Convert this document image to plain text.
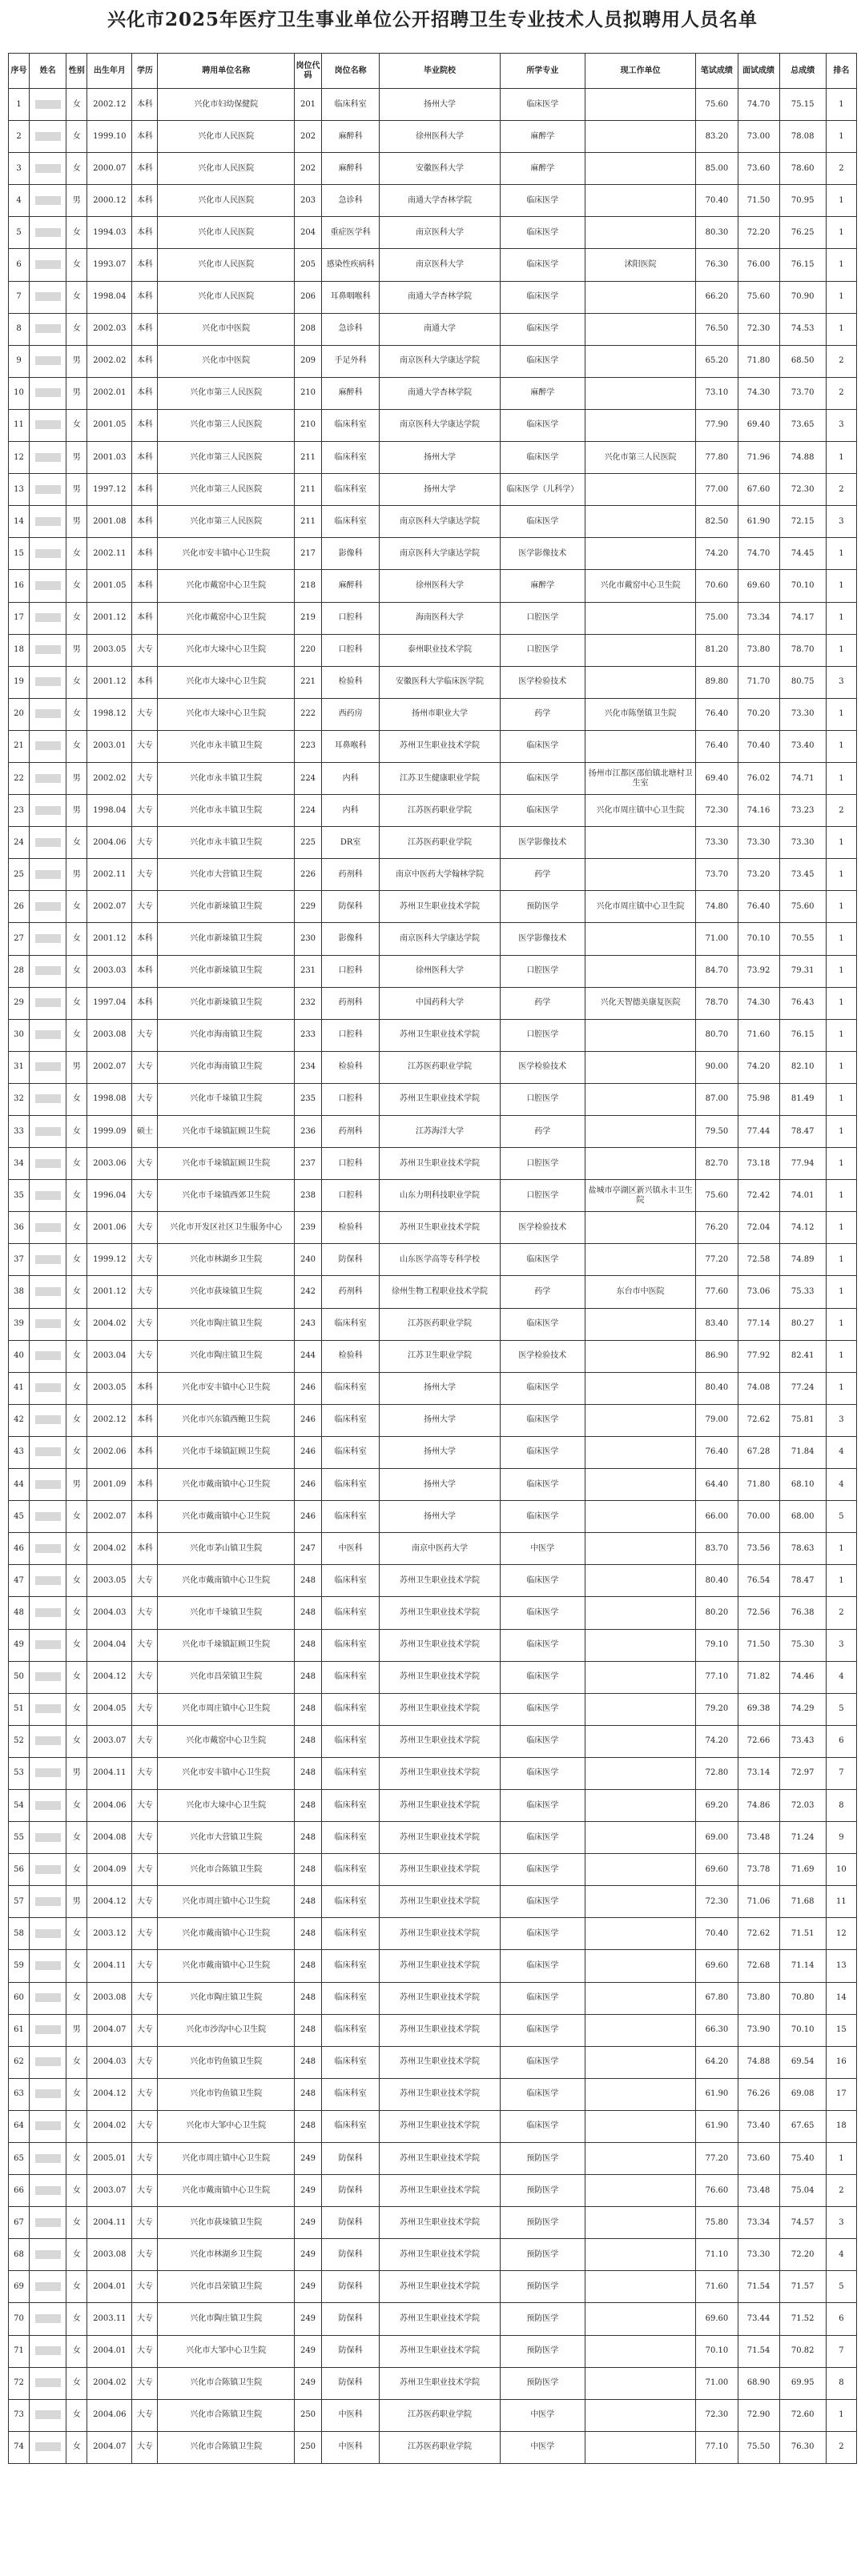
兴化市2025年医疗卫生事业单位公开招聘卫生专业技术人员拟聘用人员名单
序号	姓名	性别	出生年月	学历	聘用单位名称	岗位代码	岗位名称	毕业院校	所学专业	现工作单位	笔试成绩	面试成绩	总成绩	排名
1		女	2002.12	本科	兴化市妇幼保健院	201	临床科室	扬州大学	临床医学		75.60	74.70	75.15	1
2		女	1999.10	本科	兴化市人民医院	202	麻醉科	徐州医科大学	麻醉学		83.20	73.00	78.08	1
3		女	2000.07	本科	兴化市人民医院	202	麻醉科	安徽医科大学	麻醉学		85.00	73.60	78.60	2
4		男	2000.12	本科	兴化市人民医院	203	急诊科	南通大学杏林学院	临床医学		70.40	71.50	70.95	1
5		女	1994.03	本科	兴化市人民医院	204	重症医学科	南京医科大学	临床医学		80.30	72.20	76.25	1
6		女	1993.07	本科	兴化市人民医院	205	感染性疾病科	南京医科大学	临床医学	沭阳医院	76.30	76.00	76.15	1
7		女	1998.04	本科	兴化市人民医院	206	耳鼻咽喉科	南通大学杏林学院	临床医学		66.20	75.60	70.90	1
8		女	2002.03	本科	兴化市中医院	208	急诊科	南通大学	临床医学		76.50	72.30	74.53	1
9		男	2002.02	本科	兴化市中医院	209	手足外科	南京医科大学康达学院	临床医学		65.20	71.80	68.50	2
10		男	2002.01	本科	兴化市第三人民医院	210	麻醉科	南通大学杏林学院	麻醉学		73.10	74.30	73.70	2
11		女	2001.05	本科	兴化市第三人民医院	210	临床科室	南京医科大学康达学院	临床医学		77.90	69.40	73.65	3
12		男	2001.03	本科	兴化市第三人民医院	211	临床科室	扬州大学	临床医学	兴化市第三人民医院	77.80	71.96	74.88	1
13		男	1997.12	本科	兴化市第三人民医院	211	临床科室	扬州大学	临床医学（儿科学）		77.00	67.60	72.30	2
14		男	2001.08	本科	兴化市第三人民医院	211	临床科室	南京医科大学康达学院	临床医学		82.50	61.90	72.15	3
15		女	2002.11	本科	兴化市安丰镇中心卫生院	217	影像科	南京医科大学康达学院	医学影像技术		74.20	74.70	74.45	1
16		女	2001.05	本科	兴化市戴窑中心卫生院	218	麻醉科	徐州医科大学	麻醉学	兴化市戴窑中心卫生院	70.60	69.60	70.10	1
17		女	2001.12	本科	兴化市戴窑中心卫生院	219	口腔科	海南医科大学	口腔医学		75.00	73.34	74.17	1
18		男	2003.05	大专	兴化市大垛中心卫生院	220	口腔科	泰州职业技术学院	口腔医学		81.20	73.80	78.70	1
19		女	2001.12	本科	兴化市大垛中心卫生院	221	检验科	安徽医科大学临床医学院	医学检验技术		89.80	71.70	80.75	3
20		女	1998.12	大专	兴化市大垛中心卫生院	222	西药房	扬州市职业大学	药学	兴化市陈堡镇卫生院	76.40	70.20	73.30	1
21		女	2003.01	大专	兴化市永丰镇卫生院	223	耳鼻喉科	苏州卫生职业技术学院	临床医学		76.40	70.40	73.40	1
22		男	2002.02	大专	兴化市永丰镇卫生院	224	内科	江苏卫生健康职业学院	临床医学	扬州市江都区邵伯镇北塘村卫生室	69.40	76.02	74.71	1
23		男	1998.04	大专	兴化市永丰镇卫生院	224	内科	江苏医药职业学院	临床医学	兴化市周庄镇中心卫生院	72.30	74.16	73.23	2
24		女	2004.06	大专	兴化市永丰镇卫生院	225	DR室	江苏医药职业学院	医学影像技术		73.30	73.30	73.30	1
25		男	2002.11	大专	兴化市大营镇卫生院	226	药剂科	南京中医药大学翰林学院	药学		73.70	73.20	73.45	1
26		女	2002.07	大专	兴化市新垛镇卫生院	229	防保科	苏州卫生职业技术学院	预防医学	兴化市周庄镇中心卫生院	74.80	76.40	75.60	1
27		女	2001.12	本科	兴化市新垛镇卫生院	230	影像科	南京医科大学康达学院	医学影像技术		71.00	70.10	70.55	1
28		女	2003.03	本科	兴化市新垛镇卫生院	231	口腔科	徐州医科大学	口腔医学		84.70	73.92	79.31	1
29		女	1997.04	本科	兴化市新垛镇卫生院	232	药剂科	中国药科大学	药学	兴化天智德美康复医院	78.70	74.30	76.43	1
30		女	2003.08	大专	兴化市海南镇卫生院	233	口腔科	苏州卫生职业技术学院	口腔医学		80.70	71.60	76.15	1
31		男	2002.07	大专	兴化市海南镇卫生院	234	检验科	江苏医药职业学院	医学检验技术		90.00	74.20	82.10	1
32		女	1998.08	大专	兴化市千垛镇卫生院	235	口腔科	苏州卫生职业技术学院	口腔医学		87.00	75.98	81.49	1
33		女	1999.09	硕士	兴化市千垛镇缸顾卫生院	236	药剂科	江苏海洋大学	药学		79.50	77.44	78.47	1
34		女	2003.06	大专	兴化市千垛镇缸顾卫生院	237	口腔科	苏州卫生职业技术学院	口腔医学		82.70	73.18	77.94	1
35		女	1996.04	大专	兴化市千垛镇西郊卫生院	238	口腔科	山东力明科技职业学院	口腔医学	盐城市亭湖区新兴镇永丰卫生院	75.60	72.42	74.01	1
36		女	2001.06	大专	兴化市开发区社区卫生服务中心	239	检验科	苏州卫生职业技术学院	医学检验技术		76.20	72.04	74.12	1
37		女	1999.12	大专	兴化市林湖乡卫生院	240	防保科	山东医学高等专科学校	临床医学		77.20	72.58	74.89	1
38		女	2001.12	大专	兴化市荻垛镇卫生院	242	药剂科	徐州生物工程职业技术学院	药学	东台市中医院	77.60	73.06	75.33	1
39		女	2004.02	大专	兴化市陶庄镇卫生院	243	临床科室	江苏医药职业学院	临床医学		83.40	77.14	80.27	1
40		女	2003.04	大专	兴化市陶庄镇卫生院	244	检验科	江苏卫生职业学院	医学检验技术		86.90	77.92	82.41	1
41		女	2003.05	本科	兴化市安丰镇中心卫生院	246	临床科室	扬州大学	临床医学		80.40	74.08	77.24	1
42		女	2002.12	本科	兴化市兴东镇西鲍卫生院	246	临床科室	扬州大学	临床医学		79.00	72.62	75.81	3
43		女	2002.06	本科	兴化市千垛镇缸顾卫生院	246	临床科室	扬州大学	临床医学		76.40	67.28	71.84	4
44		男	2001.09	本科	兴化市戴南镇中心卫生院	246	临床科室	扬州大学	临床医学		64.40	71.80	68.10	4
45		女	2002.07	本科	兴化市戴南镇中心卫生院	246	临床科室	扬州大学	临床医学		66.00	70.00	68.00	5
46		女	2004.02	本科	兴化市茅山镇卫生院	247	中医科	南京中医药大学	中医学		83.70	73.56	78.63	1
47		女	2003.05	大专	兴化市戴南镇中心卫生院	248	临床科室	苏州卫生职业技术学院	临床医学		80.40	76.54	78.47	1
48		女	2004.03	大专	兴化市千垛镇卫生院	248	临床科室	苏州卫生职业技术学院	临床医学		80.20	72.56	76.38	2
49		女	2004.04	大专	兴化市千垛镇缸顾卫生院	248	临床科室	苏州卫生职业技术学院	临床医学		79.10	71.50	75.30	3
50		女	2004.12	大专	兴化市昌荣镇卫生院	248	临床科室	苏州卫生职业技术学院	临床医学		77.10	71.82	74.46	4
51		女	2004.05	大专	兴化市周庄镇中心卫生院	248	临床科室	苏州卫生职业技术学院	临床医学		79.20	69.38	74.29	5
52		女	2003.07	大专	兴化市戴窑中心卫生院	248	临床科室	苏州卫生职业技术学院	临床医学		74.20	72.66	73.43	6
53		男	2004.11	大专	兴化市安丰镇中心卫生院	248	临床科室	苏州卫生职业技术学院	临床医学		72.80	73.14	72.97	7
54		女	2004.06	大专	兴化市大垛中心卫生院	248	临床科室	苏州卫生职业技术学院	临床医学		69.20	74.86	72.03	8
55		女	2004.08	大专	兴化市大营镇卫生院	248	临床科室	苏州卫生职业技术学院	临床医学		69.00	73.48	71.24	9
56		女	2004.09	大专	兴化市合陈镇卫生院	248	临床科室	苏州卫生职业技术学院	临床医学		69.60	73.78	71.69	10
57		男	2004.12	大专	兴化市周庄镇中心卫生院	248	临床科室	苏州卫生职业技术学院	临床医学		72.30	71.06	71.68	11
58		女	2003.12	大专	兴化市戴南镇中心卫生院	248	临床科室	苏州卫生职业技术学院	临床医学		70.40	72.62	71.51	12
59		女	2004.11	大专	兴化市戴南镇中心卫生院	248	临床科室	苏州卫生职业技术学院	临床医学		69.60	72.68	71.14	13
60		女	2003.08	大专	兴化市陶庄镇卫生院	248	临床科室	苏州卫生职业技术学院	临床医学		67.80	73.80	70.80	14
61		男	2004.07	大专	兴化市沙沟中心卫生院	248	临床科室	苏州卫生职业技术学院	临床医学		66.30	73.90	70.10	15
62		女	2004.03	大专	兴化市钓鱼镇卫生院	248	临床科室	苏州卫生职业技术学院	临床医学		64.20	74.88	69.54	16
63		女	2004.12	大专	兴化市钓鱼镇卫生院	248	临床科室	苏州卫生职业技术学院	临床医学		61.90	76.26	69.08	17
64		女	2004.02	大专	兴化市大邹中心卫生院	248	临床科室	苏州卫生职业技术学院	临床医学		61.90	73.40	67.65	18
65		女	2005.01	大专	兴化市周庄镇中心卫生院	249	防保科	苏州卫生职业技术学院	预防医学		77.20	73.60	75.40	1
66		女	2003.07	大专	兴化市戴南镇中心卫生院	249	防保科	苏州卫生职业技术学院	预防医学		76.60	73.48	75.04	2
67		女	2004.11	大专	兴化市荻垛镇卫生院	249	防保科	苏州卫生职业技术学院	预防医学		75.80	73.34	74.57	3
68		女	2003.08	大专	兴化市林湖乡卫生院	249	防保科	苏州卫生职业技术学院	预防医学		71.10	73.30	72.20	4
69		女	2004.01	大专	兴化市昌荣镇卫生院	249	防保科	苏州卫生职业技术学院	预防医学		71.60	71.54	71.57	5
70		女	2003.11	大专	兴化市陶庄镇卫生院	249	防保科	苏州卫生职业技术学院	预防医学		69.60	73.44	71.52	6
71		女	2004.01	大专	兴化市大邹中心卫生院	249	防保科	苏州卫生职业技术学院	预防医学		70.10	71.54	70.82	7
72		女	2004.02	大专	兴化市合陈镇卫生院	249	防保科	苏州卫生职业技术学院	预防医学		71.00	68.90	69.95	8
73		女	2004.06	大专	兴化市合陈镇卫生院	250	中医科	江苏医药职业学院	中医学		72.30	72.90	72.60	1
74		女	2004.07	大专	兴化市合陈镇卫生院	250	中医科	江苏医药职业学院	中医学		77.10	75.50	76.30	2
